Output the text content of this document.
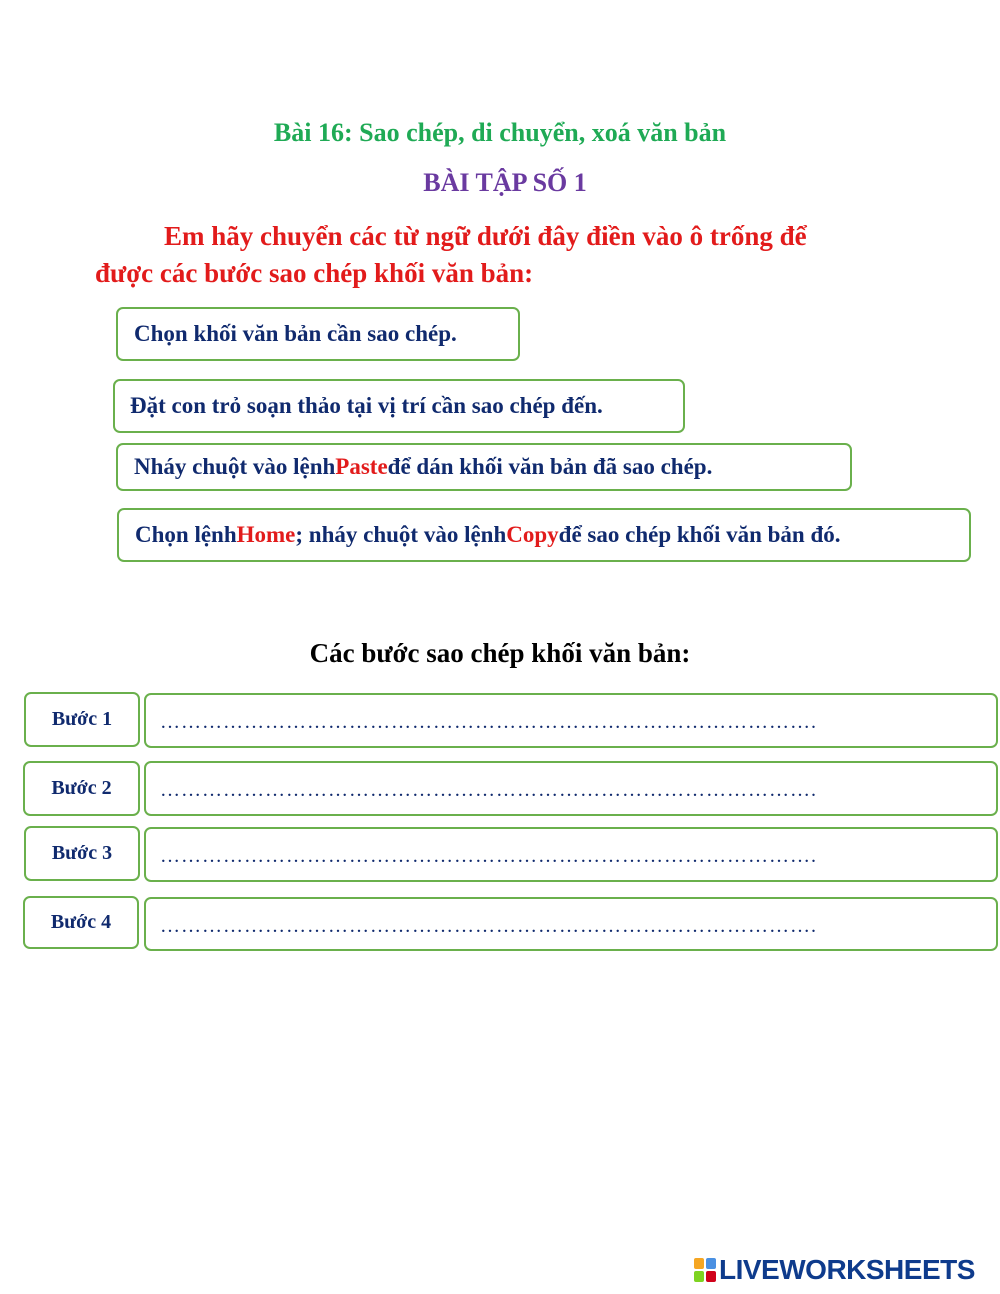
Bài 16: Sao chép, di chuyển, xoá văn bản
BÀI TẬP SỐ 1
Em hãy chuyển các từ ngữ dưới đây điền vào ô trống để
được các bước sao chép khối văn bản:
Chọn khối văn bản cần sao chép.
Đặt con trỏ soạn thảo tại vị trí cần sao chép đến.
Nháy chuột vào lệnh Paste để dán khối văn bản đã sao chép.
Chọn lệnh Home ; nháy chuột vào lệnh Copy để sao chép khối văn bản đó.
Các bước sao chép khối văn bản:
Bước 1	………………………………………………………………………………….
Bước 2	………………………………………………………………………………….
Bước 3	………………………………………………………………………………….
Bước 4	………………………………………………………………………………….
LIVEWORKSHEETS
